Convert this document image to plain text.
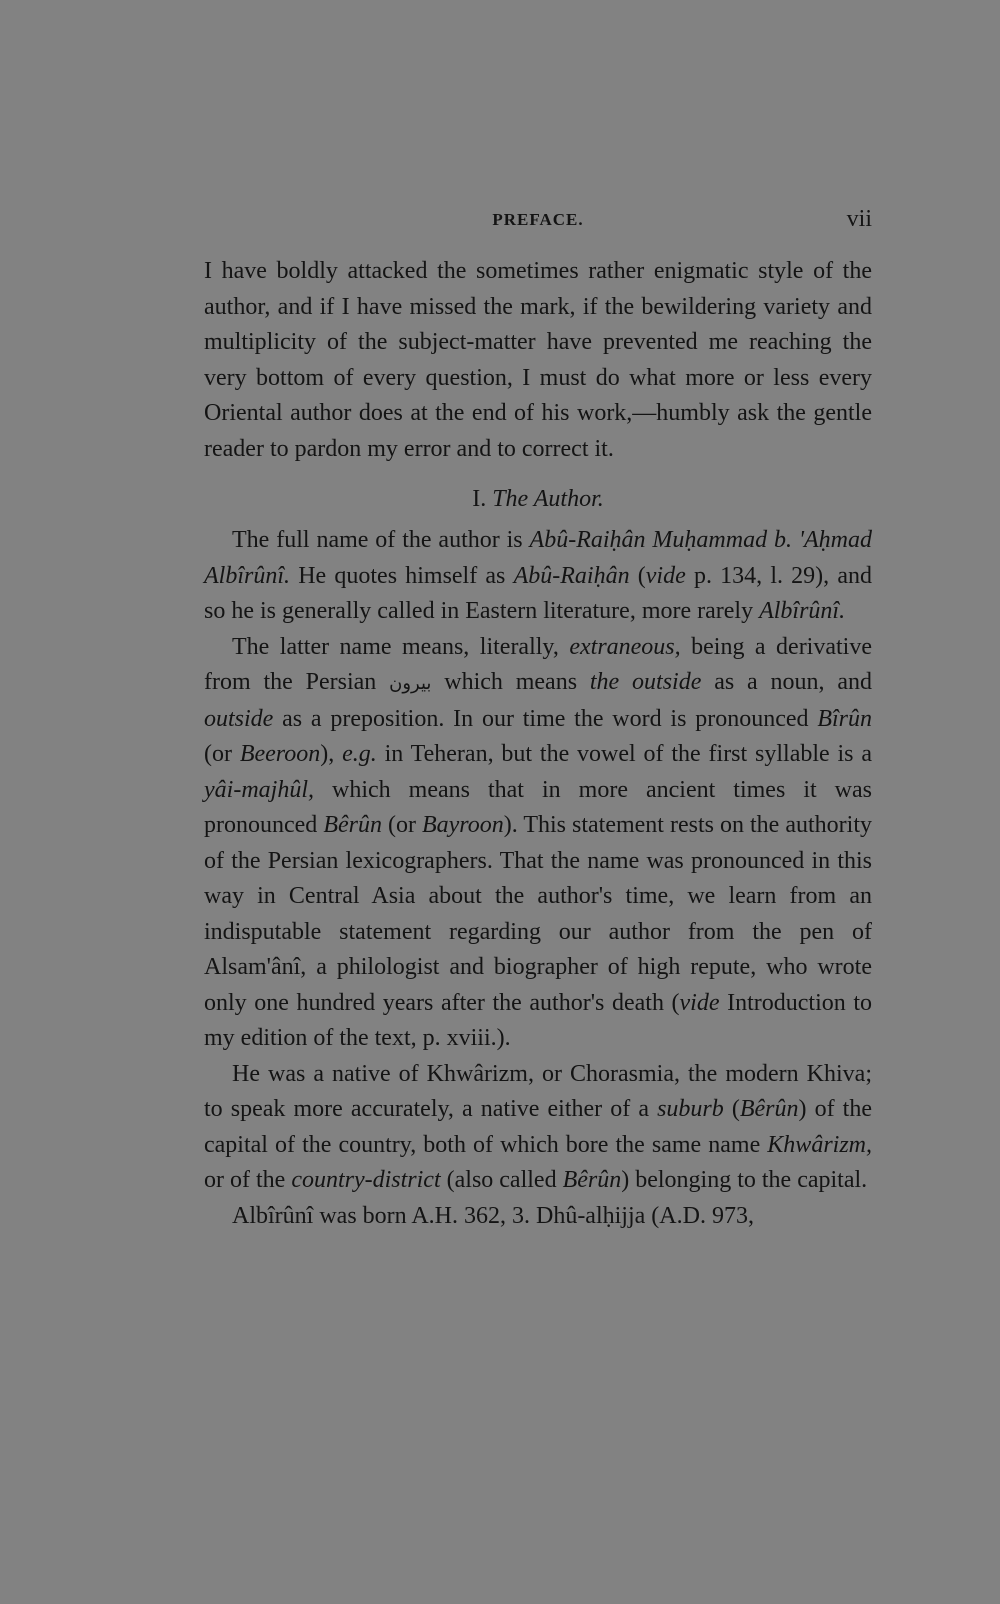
PREFACE.	vii

I have boldly attacked the sometimes rather enigmatic style of the author, and if I have missed the mark, if the bewildering variety and multiplicity of the subject-matter have prevented me reaching the very bottom of every question, I must do what more or less every Oriental author does at the end of his work,—humbly ask the gentle reader to pardon my error and to correct it.

I. The Author.

The full name of the author is Abû-Raiḥân Muḥammad b. 'Aḥmad Albîrûnî. He quotes himself as Abû-Raiḥân (vide p. 134, l. 29), and so he is generally called in Eastern literature, more rarely Albîrûnî.

The latter name means, literally, extraneous, being a derivative from the Persian بيرون which means the outside as a noun, and outside as a preposition. In our time the word is pronounced Bîrûn (or Beeroon), e.g. in Teheran, but the vowel of the first syllable is a yâi-majhûl, which means that in more ancient times it was pronounced Bêrûn (or Bayroon). This statement rests on the authority of the Persian lexicographers. That the name was pronounced in this way in Central Asia about the author's time, we learn from an indisputable statement regarding our author from the pen of Alsam'ânî, a philologist and biographer of high repute, who wrote only one hundred years after the author's death (vide Introduction to my edition of the text, p. xviii.).

He was a native of Khwârizm, or Chorasmia, the modern Khiva; to speak more accurately, a native either of a suburb (Bêrûn) of the capital of the country, both of which bore the same name Khwârizm, or of the country-district (also called Bêrûn) belonging to the capital.

Albîrûnî was born A.H. 362, 3. Dhû-alḥijja (A.D. 973,
